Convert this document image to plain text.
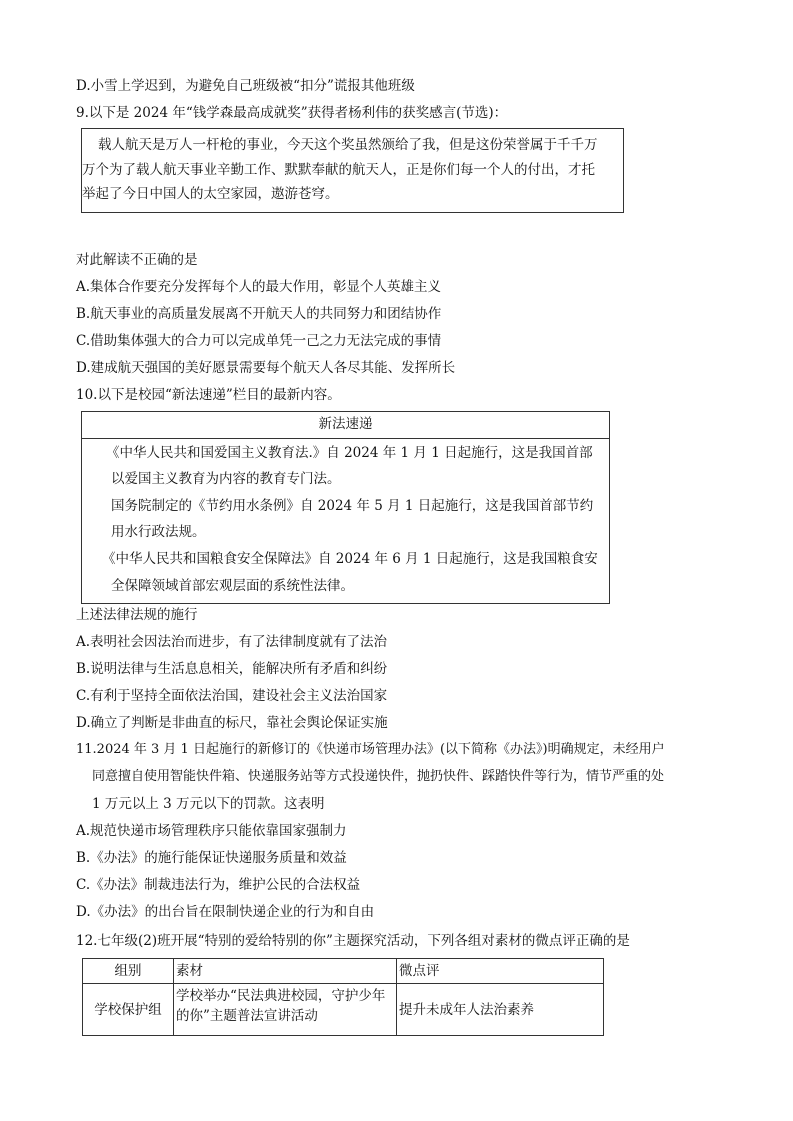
D.小雪上学迟到，为避免自己班级被“扣分”谎报其他班级
9.以下是 2024 年“钱学森最高成就奖”获得者杨利伟的获奖感言(节选)：
载人航天是万人一杆枪的事业，今天这个奖虽然颁给了我，但是这份荣誉属于千千万
万个为了载人航天事业辛勤工作、默默奉献的航天人，正是你们每一个人的付出，才托
举起了今日中国人的太空家园，遨游苍穹。
对此解读不正确的是
A.集体合作要充分发挥每个人的最大作用，彰显个人英雄主义
B.航天事业的高质量发展离不开航天人的共同努力和团结协作
C.借助集体强大的合力可以完成单凭一己之力无法完成的事情
D.建成航天强国的美好愿景需要每个航天人各尽其能、发挥所长
10.以下是校园“新法速递”栏目的最新内容。
新法速递
《中华人民共和国爱国主义教育法.》自 2024 年 1 月 1 日起施行，这是我国首部
以爱国主义教育为内容的教育专门法。
国务院制定的《节约用水条例》自 2024 年 5 月 1 日起施行，这是我国首部节约
用水行政法规。
《中华人民共和国粮食安全保障法》自 2024 年 6 月 1 日起施行，这是我国粮食安
全保障领域首部宏观层面的系统性法律。
上述法律法规的施行
A.表明社会因法治而进步，有了法律制度就有了法治
B.说明法律与生活息息相关，能解决所有矛盾和纠纷
C.有利于坚持全面依法治国，建设社会主义法治国家
D.确立了判断是非曲直的标尺，靠社会舆论保证实施
11.2024 年 3 月 1 日起施行的新修订的《快递市场管理办法》(以下简称《办法》)明确规定，未经用户
同意擅自使用智能快件箱、快递服务站等方式投递快件，抛扔快件、踩踏快件等行为，情节严重的处
1 万元以上 3 万元以下的罚款。这表明
A.规范快递市场管理秩序只能依靠国家强制力
B.《办法》的施行能保证快递服务质量和效益
C.《办法》制裁违法行为，维护公民的合法权益
D.《办法》的出台旨在限制快递企业的行为和自由
12.七年级(2)班开展“特别的爱给特别的你”主题探究活动，下列各组对素材的微点评正确的是
组别	素材	微点评
学校保护组	学校举办“民法典进校园，守护少年的你”主题普法宣讲活动	提升未成年人法治素养
